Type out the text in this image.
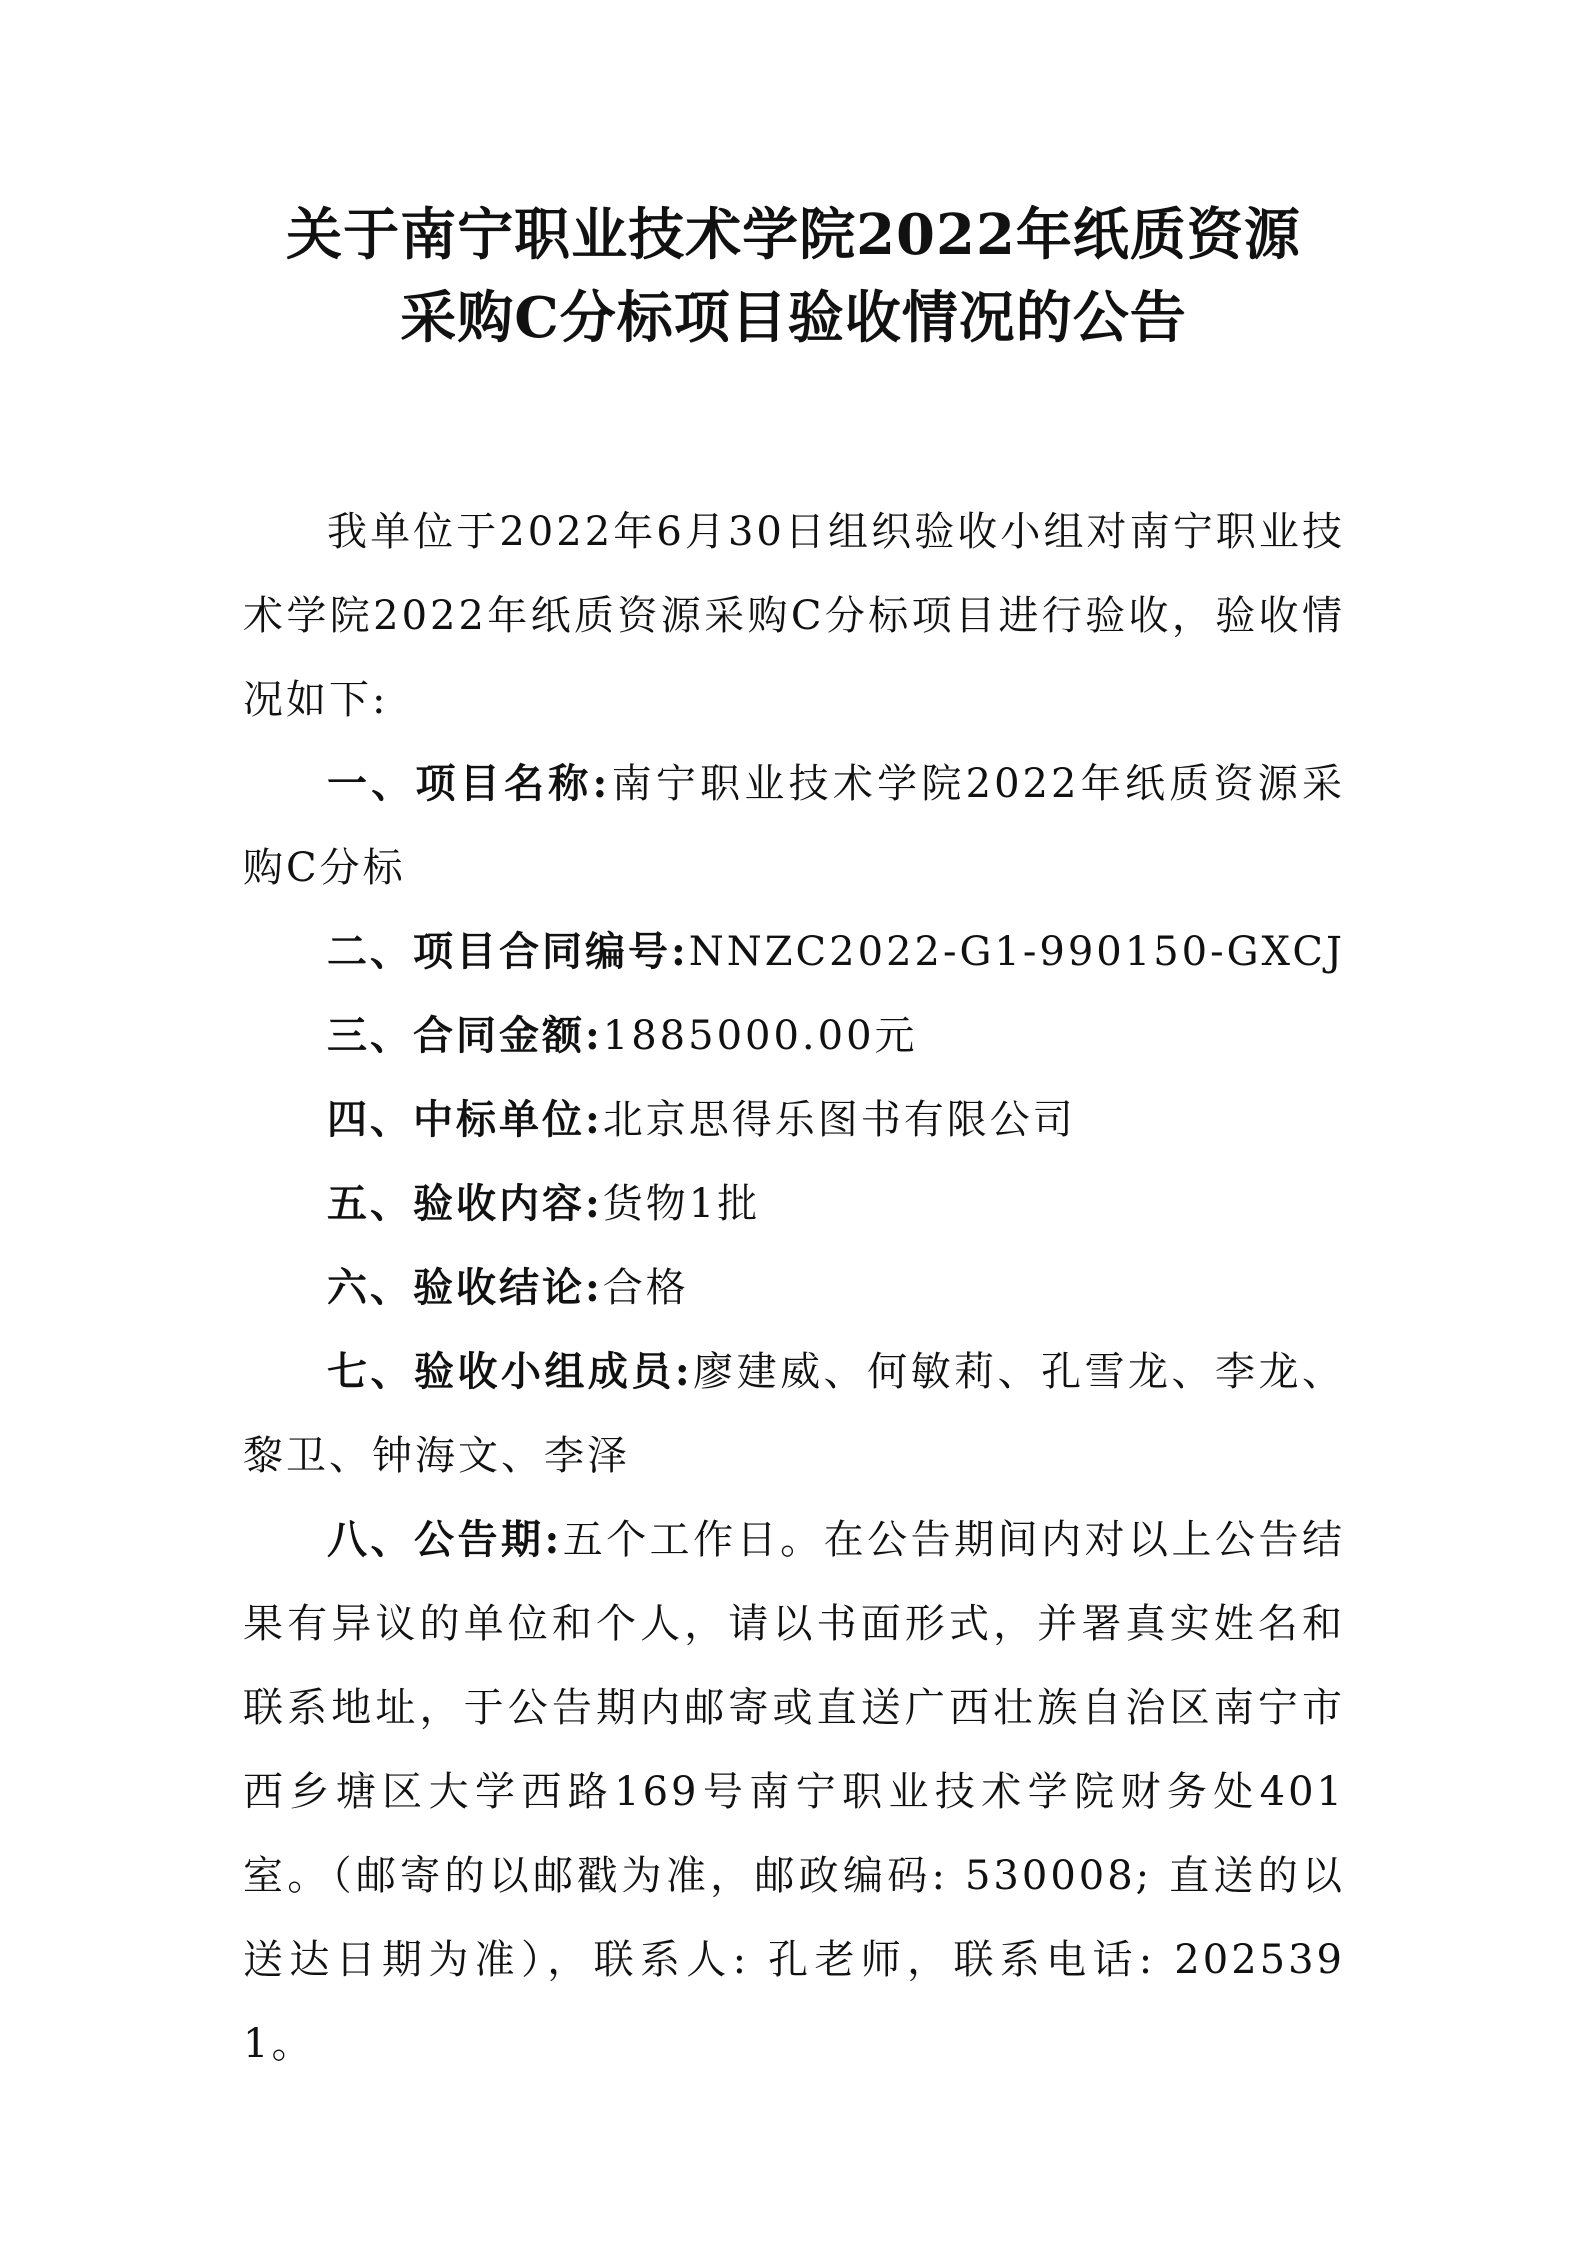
关于南宁职业技术学院2022年纸质资源
采购C分标项目验收情况的公告

我单位于2022年6月30日组织验收小组对南宁职业技术学院2022年纸质资源采购C分标项目进行验收，验收情况如下:

一、项目名称:南宁职业技术学院2022年纸质资源采购C分标

二、项目合同编号:NNZC2022-G1-990150-GXCJ

三、合同金额:1885000.00元

四、中标单位:北京思得乐图书有限公司

五、验收内容:货物1批

六、验收结论:合格

七、验收小组成员:廖建威、何敏莉、孔雪龙、李龙、黎卫、钟海文、李泽

八、公告期:五个工作日。在公告期间内对以上公告结果有异议的单位和个人，请以书面形式，并署真实姓名和联系地址，于公告期内邮寄或直送广西壮族自治区南宁市西乡塘区大学西路169号南宁职业技术学院财务处401室。（邮寄的以邮戳为准，邮政编码: 530008; 直送的以送达日期为准），联系人: 孔老师，联系电话: 2025391。
